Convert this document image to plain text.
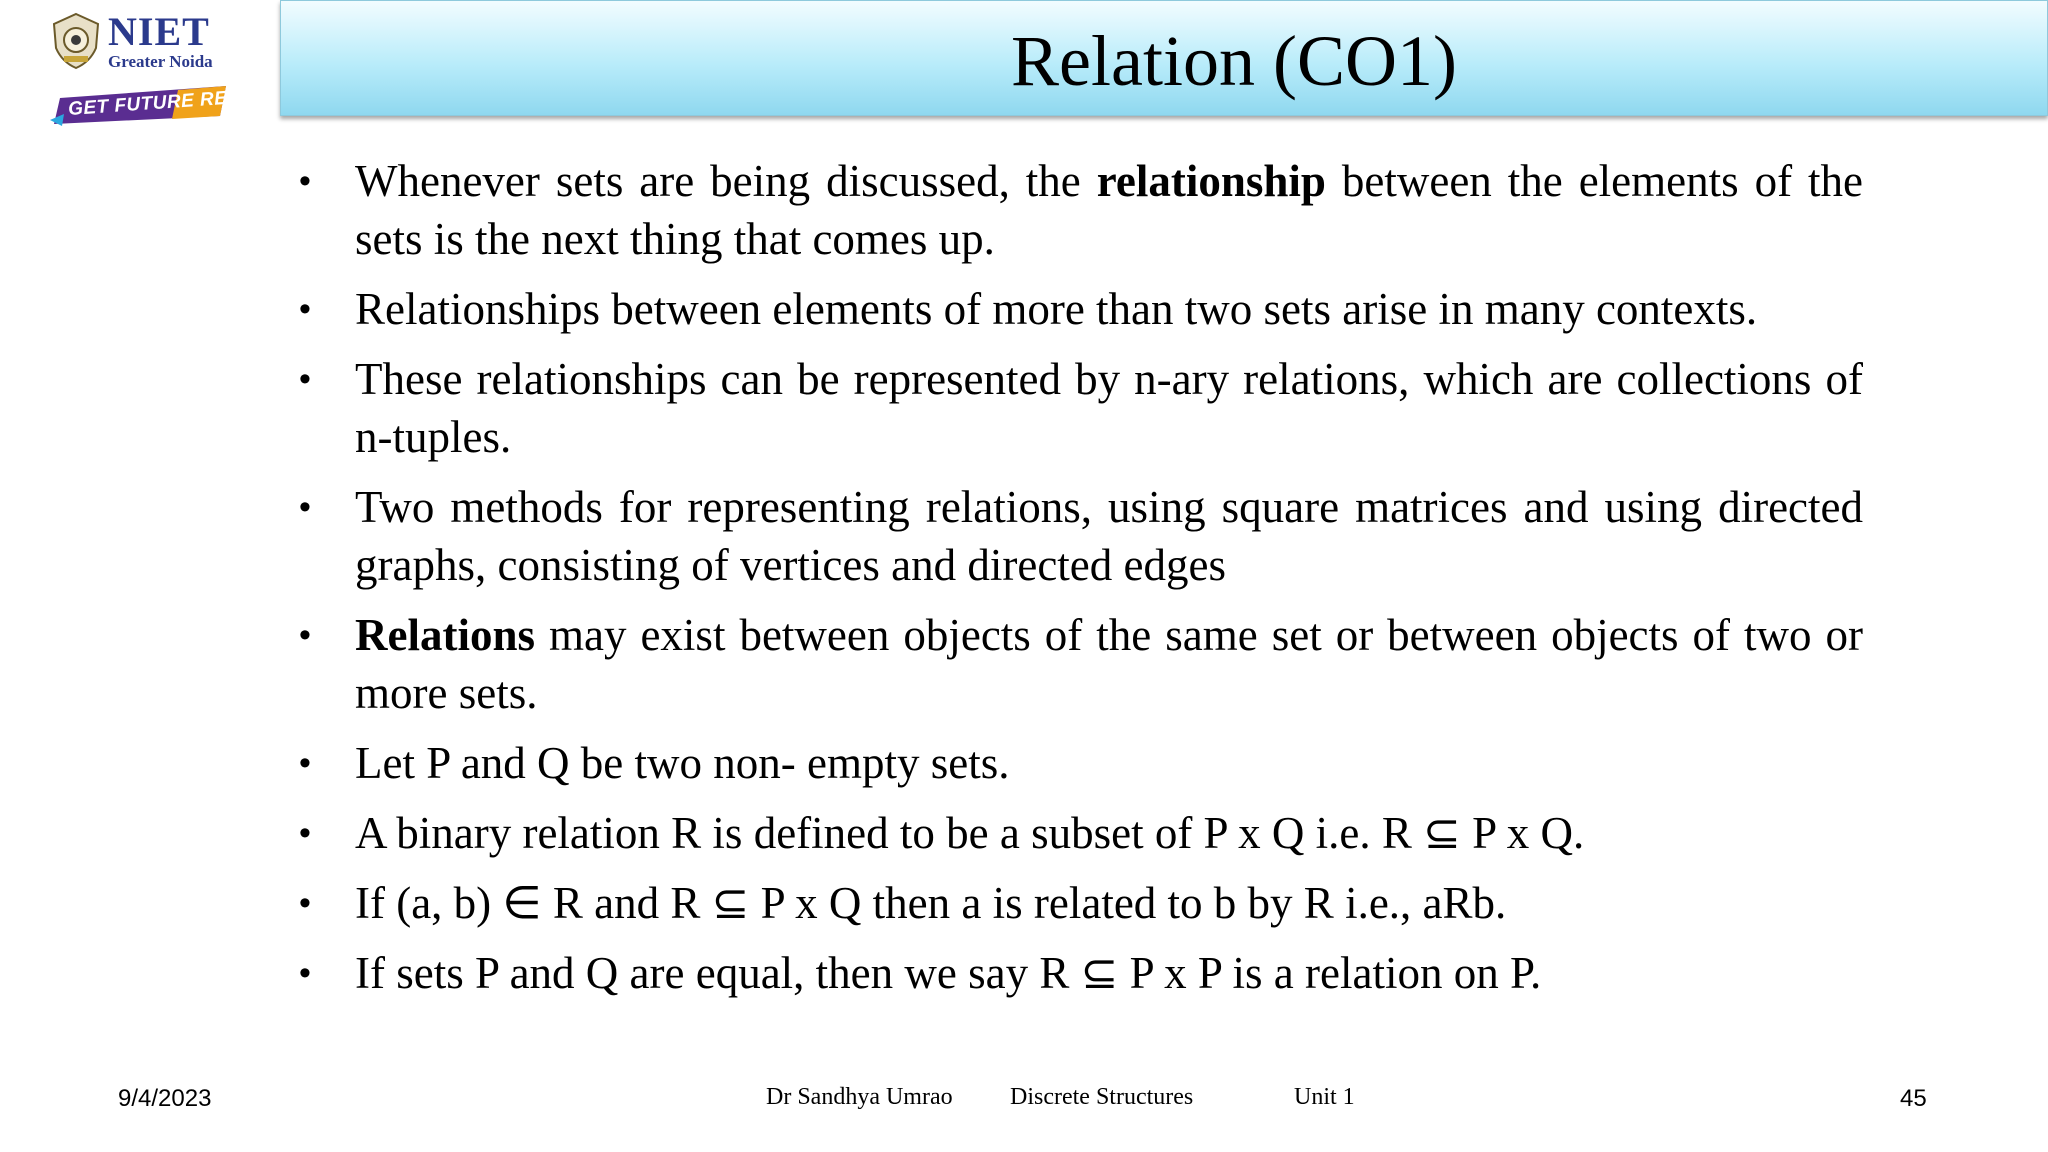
NIET
Greater Noida
GET FUTURE READY
Relation (CO1)
• Whenever sets are being discussed, the relationship between the elements of the sets is the next thing that comes up.
• Relationships between elements of more than two sets arise in many contexts.
• These relationships can be represented by n-ary relations, which are collections of n-tuples.
• Two methods for representing relations, using square matrices and using directed graphs, consisting of vertices and directed edges
• Relations may exist between objects of the same set or between objects of two or more sets.
• Let P and Q be two non- empty sets.
• A binary relation R is defined to be a subset of P x Q i.e. R ⊆ P x Q.
• If (a, b) ∈ R and R ⊆ P x Q then a is related to b by R i.e., aRb.
• If sets P and Q are equal, then we say R ⊆ P x P is a relation on P.
9/4/2023	Dr Sandhya Umrao Discrete Structures	Unit 1	45
